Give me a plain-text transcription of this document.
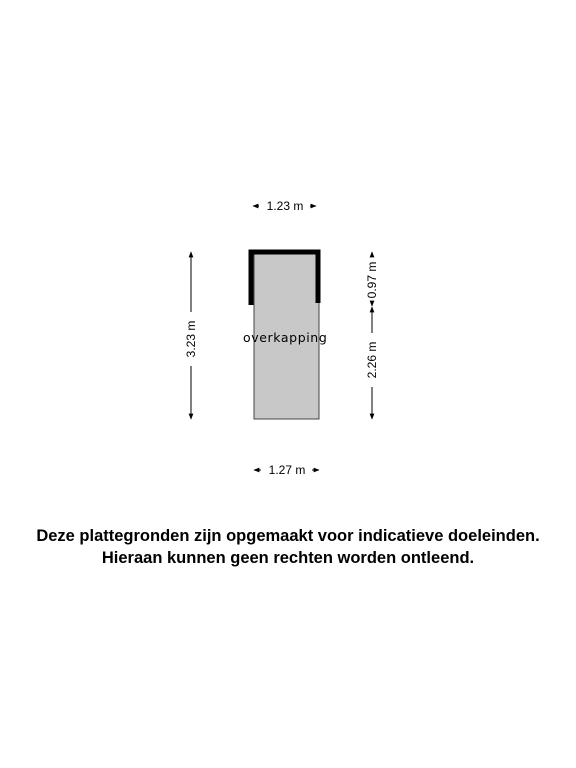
overkapping
1.23 m
1.27 m
3.23 m
0.97 m
2.26 m
Deze plattegronden zijn opgemaakt voor indicatieve doeleinden.
Hieraan kunnen geen rechten worden ontleend.
